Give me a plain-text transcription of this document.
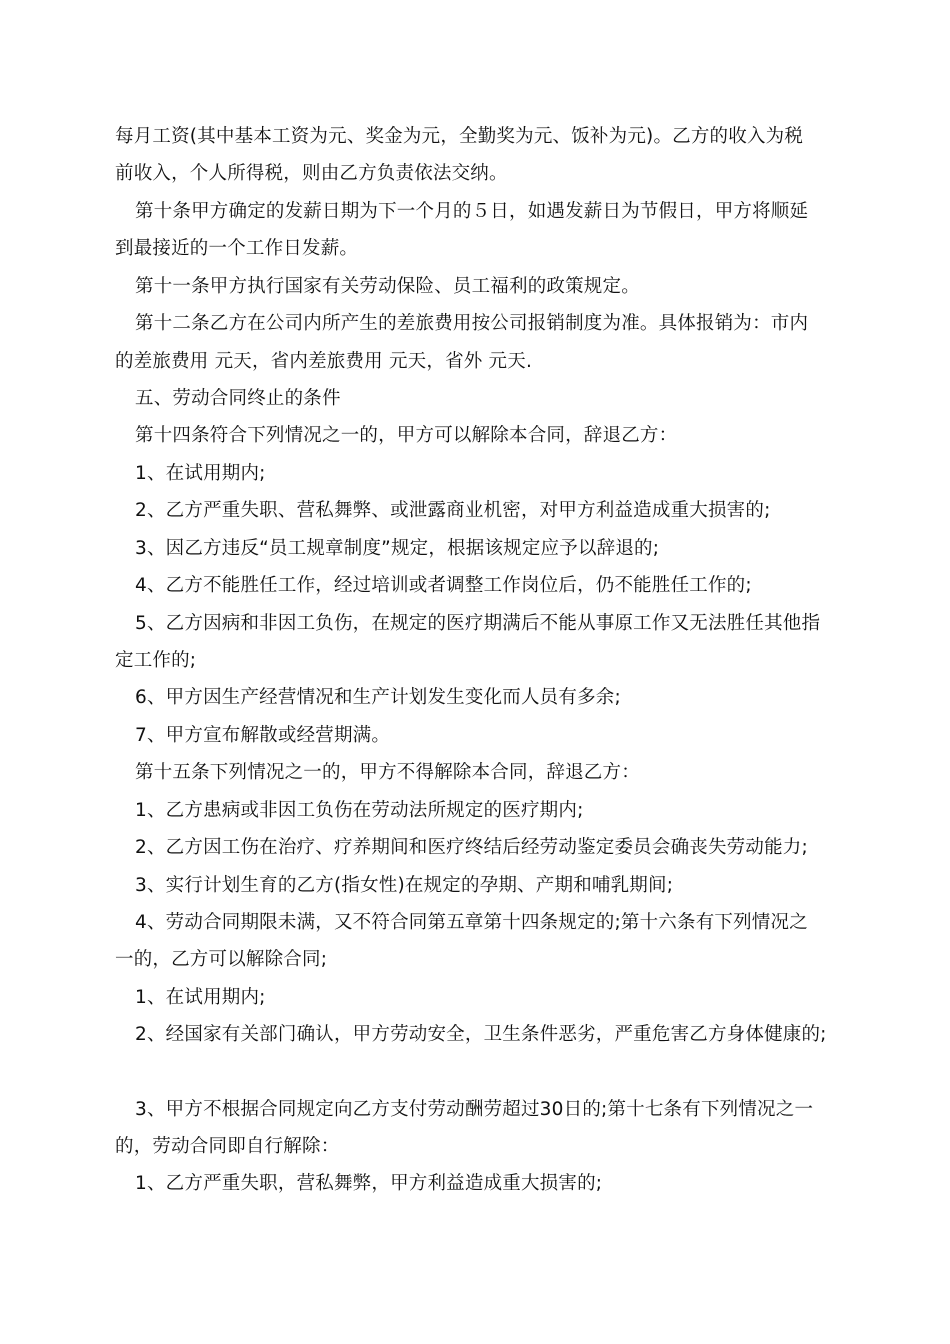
每月工资(其中基本工资为元、奖金为元，全勤奖为元、饭补为元)。乙方的收入为税
前收入，个人所得税，则由乙方负责依法交纳。
第十条甲方确定的发薪日期为下一个月的５日，如遇发薪日为节假日，甲方将顺延
到最接近的一个工作日发薪。
第十一条甲方执行国家有关劳动保险、员工福利的政策规定。
第十二条乙方在公司内所产生的差旅费用按公司报销制度为准。具体报销为：市内
的差旅费用 元天，省内差旅费用 元天，省外 元天.
五、劳动合同终止的条件
第十四条符合下列情况之一的，甲方可以解除本合同，辞退乙方：
1、在试用期内;
2、乙方严重失职、营私舞弊、或泄露商业机密，对甲方利益造成重大损害的;
3、因乙方违反“员工规章制度”规定，根据该规定应予以辞退的;
4、乙方不能胜任工作，经过培训或者调整工作岗位后，仍不能胜任工作的;
5、乙方因病和非因工负伤，在规定的医疗期满后不能从事原工作又无法胜任其他指
定工作的;
6、甲方因生产经营情况和生产计划发生变化而人员有多余;
7、甲方宣布解散或经营期满。
第十五条下列情况之一的，甲方不得解除本合同，辞退乙方：
1、乙方患病或非因工负伤在劳动法所规定的医疗期内;
2、乙方因工伤在治疗、疗养期间和医疗终结后经劳动鉴定委员会确丧失劳动能力;
3、实行计划生育的乙方(指女性)在规定的孕期、产期和哺乳期间;
4、劳动合同期限未满，又不符合同第五章第十四条规定的;第十六条有下列情况之
一的，乙方可以解除合同;
1、在试用期内;
2、经国家有关部门确认，甲方劳动安全，卫生条件恶劣，严重危害乙方身体健康的;
3、甲方不根据合同规定向乙方支付劳动酬劳超过30日的;第十七条有下列情况之一
的，劳动合同即自行解除：
1、乙方严重失职，营私舞弊，甲方利益造成重大损害的;
